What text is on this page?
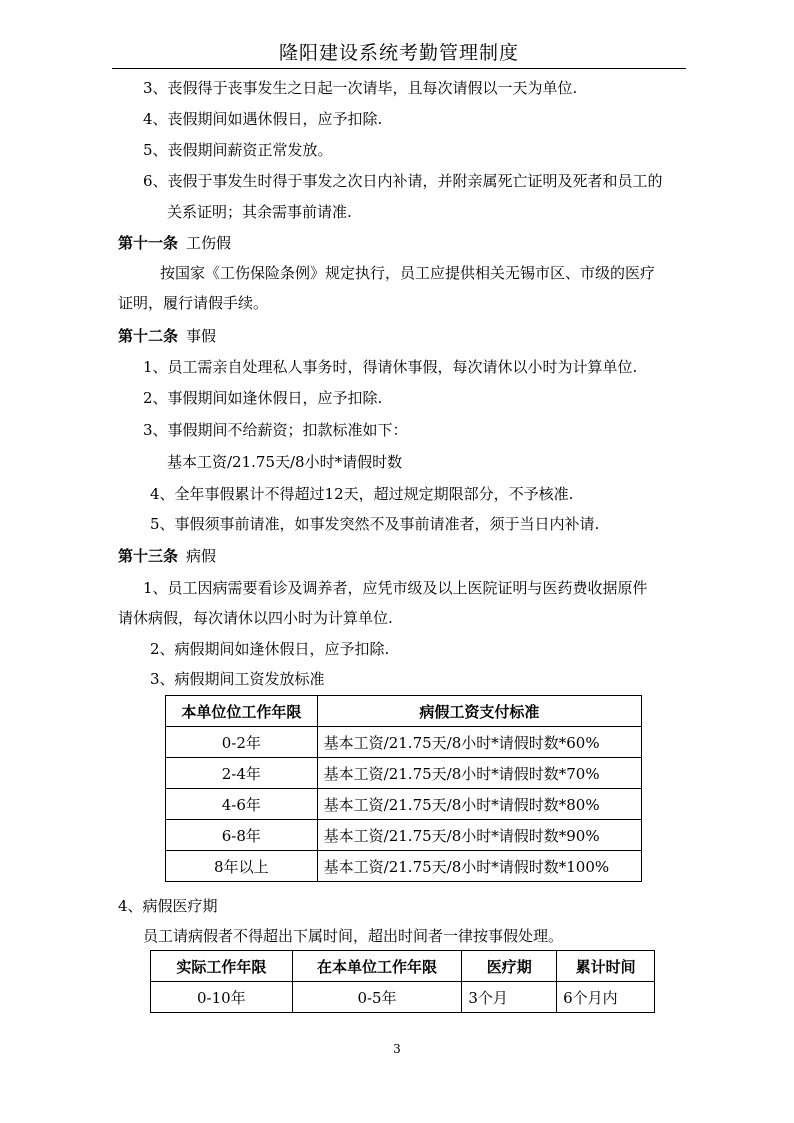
隆阳建设系统考勤管理制度
3、丧假得于丧事发生之日起一次请毕，且每次请假以一天为单位.
4、丧假期间如遇休假日，应予扣除.
5、丧假期间薪资正常发放。
6、丧假于事发生时得于事发之次日内补请，并附亲属死亡证明及死者和员工的
关系证明；其余需事前请准.
第十一条 工伤假
按国家《工伤保险条例》规定执行，员工应提供相关无锡市区、市级的医疗
证明，履行请假手续。
第十二条 事假
1、员工需亲自处理私人事务时，得请休事假，每次请休以小时为计算单位.
2、事假期间如逢休假日，应予扣除.
3、事假期间不给薪资；扣款标准如下：
基本工资/21.75天/8小时*请假时数
4、全年事假累计不得超过12天，超过规定期限部分，不予核准.
5、事假须事前请准，如事发突然不及事前请准者，须于当日内补请.
第十三条 病假
1、员工因病需要看诊及调养者，应凭市级及以上医院证明与医药费收据原件
请休病假，每次请休以四小时为计算单位.
2、病假期间如逢休假日，应予扣除.
3、病假期间工资发放标准
本单位位工作年限	病假工资支付标准
0-2年	基本工资/21.75天/8小时*请假时数*60%
2-4年	基本工资/21.75天/8小时*请假时数*70%
4-6年	基本工资/21.75天/8小时*请假时数*80%
6-8年	基本工资/21.75天/8小时*请假时数*90%
8年以上	基本工资/21.75天/8小时*请假时数*100%
4、病假医疗期
员工请病假者不得超出下属时间，超出时间者一律按事假处理。
实际工作年限	在本单位工作年限	医疗期	累计时间
0-10年	0-5年	3个月	6个月内
3
